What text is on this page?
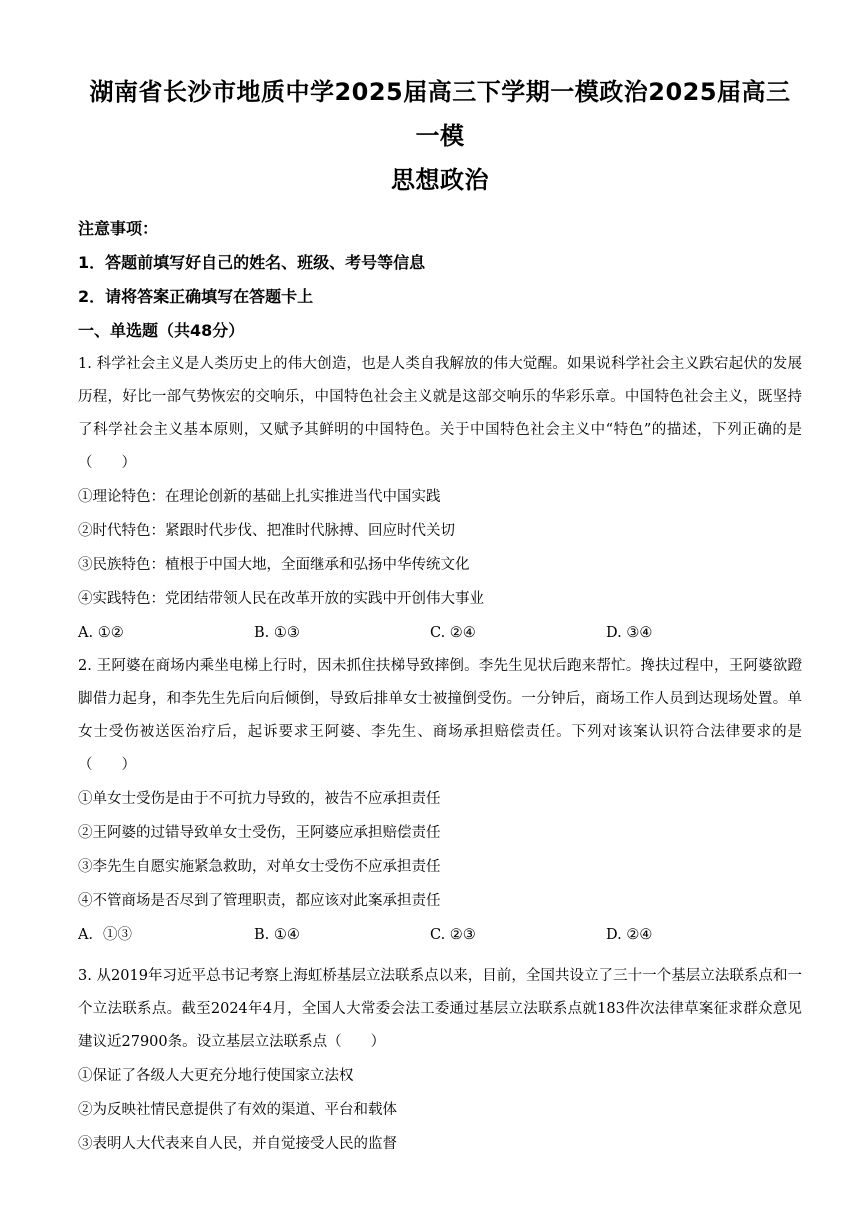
湖南省长沙市地质中学2025届高三下学期一模政治2025届高三一模
思想政治
注意事项：
1．答题前填写好自己的姓名、班级、考号等信息
2．请将答案正确填写在答题卡上
一、单选题（共48分）
1. 科学社会主义是人类历史上的伟大创造，也是人类自我解放的伟大觉醒。如果说科学社会主义跌宕起伏的发展历程，好比一部气势恢宏的交响乐，中国特色社会主义就是这部交响乐的华彩乐章。中国特色社会主义，既坚持了科学社会主义基本原则，又赋予其鲜明的中国特色。关于中国特色社会主义中“特色”的描述，下列正确的是（　　）
①理论特色：在理论创新的基础上扎实推进当代中国实践
②时代特色：紧跟时代步伐、把准时代脉搏、回应时代关切
③民族特色：植根于中国大地，全面继承和弘扬中华传统文化
④实践特色：党团结带领人民在改革开放的实践中开创伟大事业
A. ①②	B. ①③	C. ②④	D. ③④
2. 王阿婆在商场内乘坐电梯上行时，因未抓住扶梯导致摔倒。李先生见状后跑来帮忙。搀扶过程中，王阿婆欲蹬脚借力起身，和李先生先后向后倾倒，导致后排单女士被撞倒受伤。一分钟后，商场工作人员到达现场处置。单女士受伤被送医治疗后，起诉要求王阿婆、李先生、商场承担赔偿责任。下列对该案认识符合法律要求的是（　　）
①单女士受伤是由于不可抗力导致的，被告不应承担责任
②王阿婆的过错导致单女士受伤，王阿婆应承担赔偿责任
③李先生自愿实施紧急救助，对单女士受伤不应承担责任
④不管商场是否尽到了管理职责，都应该对此案承担责任
A．①③	B. ①④	C. ②③	D. ②④
3. 从2019年习近平总书记考察上海虹桥基层立法联系点以来，目前，全国共设立了三十一个基层立法联系点和一个立法联系点。截至2024年4月，全国人大常委会法工委通过基层立法联系点就183件次法律草案征求群众意见建议近27900条。设立基层立法联系点（　　）
①保证了各级人大更充分地行使国家立法权
②为反映社情民意提供了有效的渠道、平台和载体
③表明人大代表来自人民，并自觉接受人民的监督
